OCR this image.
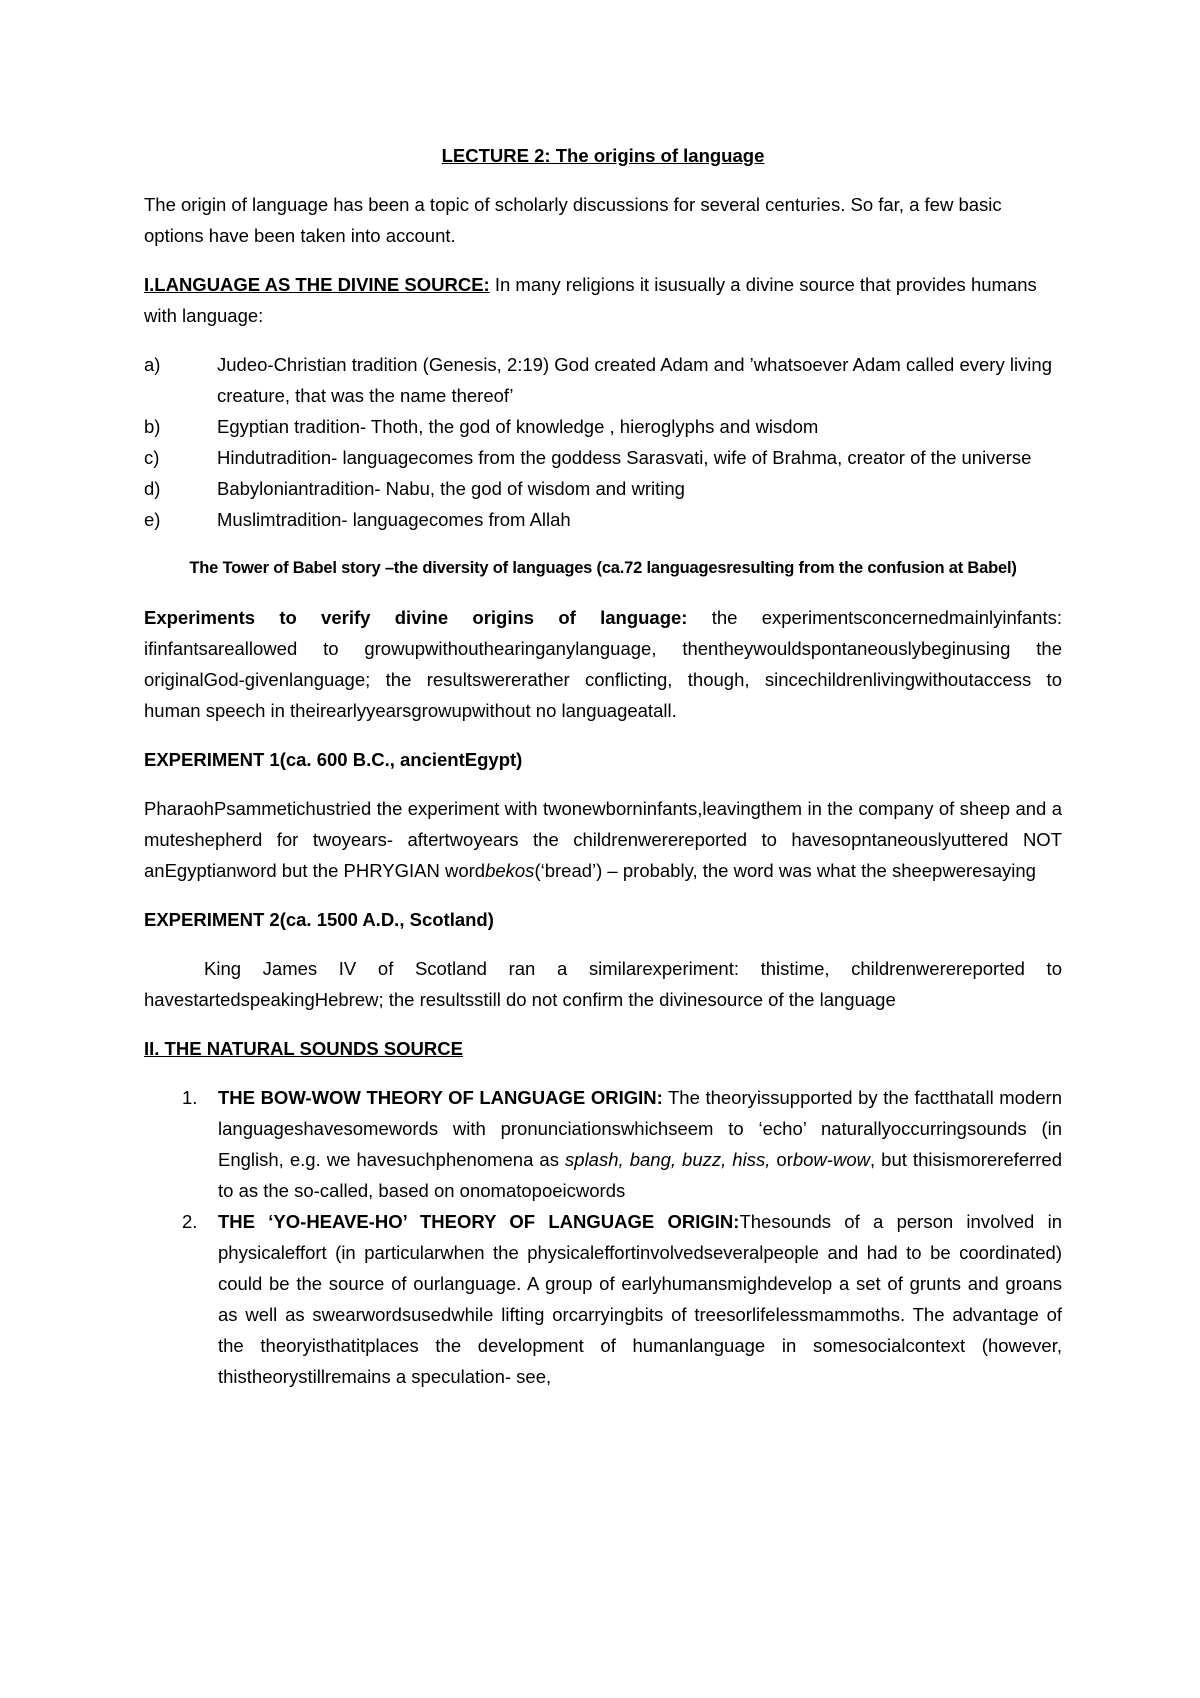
LECTURE 2: The origins of language

The origin of language has been a topic of scholarly discussions for several centuries. So far, a few basic options have been taken into account.

I.LANGUAGE AS THE DIVINE SOURCE: In many religions it isusually a divine source that provides humans with language:

a)	Judeo-Christian tradition (Genesis, 2:19) God created Adam and ’whatsoever Adam called every living creature, that was the name thereof’

b)	Egyptian tradition- Thoth, the god of knowledge , hieroglyphs and wisdom

c)	Hindutradition- languagecomes from the goddess Sarasvati, wife of Brahma, creator of the universe

d)	Babyloniantradition- Nabu, the god of wisdom and writing

e)	Muslimtradition- languagecomes from Allah

The Tower of Babel story –the diversity of languages (ca.72 languagesresulting from the confusion at Babel)

Experiments to verify divine origins of language: the experimentsconcernedmainlyinfants: ifinfantsareallowed to growupwithouthearinganylanguage, thentheywouldspontaneouslybeginusing the originalGod-givenlanguage; the resultswererather conflicting, though, sincechildrenlivingwithoutaccess to human speech in theirearlyyearsgrowupwithout no languageatall.

EXPERIMENT 1(ca. 600 B.C., ancientEgypt)

PharaohPsammetichustried the experiment with twonewborninfants,leavingthem in the company of sheep and a muteshepherd for twoyears- aftertwoyears the childrenwerereported to havesopntaneouslyuttered NOT anEgyptianword but the PHRYGIAN wordbekos(‘bread’) – probably, the word was what the sheepweresaying

EXPERIMENT 2(ca. 1500 A.D., Scotland)

King James IV of Scotland ran a similarexperiment: thistime, childrenwerereported to havestartedspeakingHebrew; the resultsstill do not confirm the divinesource of the language

II. THE NATURAL SOUNDS SOURCE

1. THE BOW-WOW THEORY OF LANGUAGE ORIGIN: The theoryissupported by the factthatall modern languageshavesomewords with pronunciationswhichseem to ‘echo’ naturallyoccurringsounds (in English, e.g. we havesuchphenomena as splash, bang, buzz, hiss, orbow-wow, but thisismorereferred to as the so-called, based on onomatopoeicwords
2. THE ‘YO-HEAVE-HO’ THEORY OF LANGUAGE ORIGIN:Thesounds of a person involved in physicaleffort (in particularwhen the physicaleffortinvolvedseveralpeople and had to be coordinated) could be the source of ourlanguage. A group of earlyhumansmighdevelop a set of grunts and groans as well as swearwordsusedwhile lifting orcarryingbits of treesorlifelessmammoths. The advantage of the theoryisthatitplaces the development of humanlanguage in somesocialcontext (however, thistheorystillremains a speculation- see,
